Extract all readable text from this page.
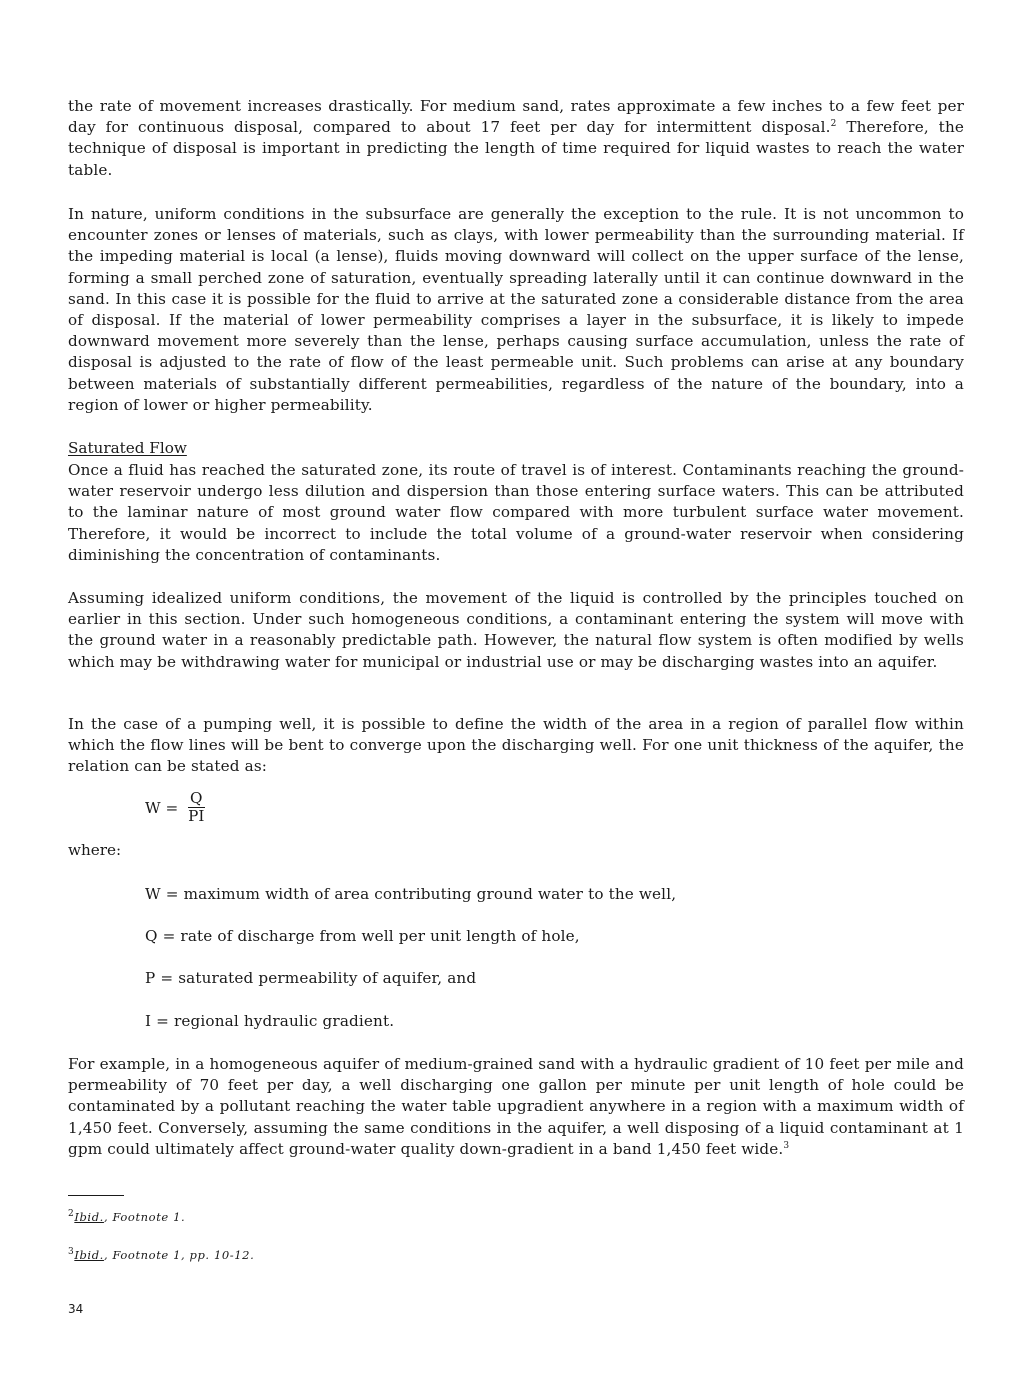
the rate of movement increases drastically. For medium sand, rates approximate a few inches to a few feet per day for continuous disposal, compared to about 17 feet per day for intermittent disposal.$^2$ Therefore, the technique of disposal is important in predicting the length of time required for liquid wastes to reach the water table.

In nature, uniform conditions in the subsurface are generally the exception to the rule. It is not uncommon to encounter zones or lenses of materials, such as clays, with lower permeability than the surrounding material. If the impeding material is local (a lense), fluids moving downward will collect on the upper surface of the lense, forming a small perched zone of saturation, eventually spreading laterally until it can continue downward in the sand. In this case it is possible for the fluid to arrive at the saturated zone a considerable distance from the area of disposal. If the material of lower permeability comprises a layer in the subsurface, it is likely to impede downward movement more severely than the lense, perhaps causing surface accumulation, unless the rate of disposal is adjusted to the rate of flow of the least permeable unit. Such problems can arise at any boundary between materials of substantially different permeabilities, regardless of the nature of the boundary, into a region of lower or higher permeability.

Saturated Flow

Once a fluid has reached the saturated zone, its route of travel is of interest. Contaminants reaching the ground-water reservoir undergo less dilution and dispersion than those entering surface waters. This can be attributed to the laminar nature of most ground water flow compared with more turbulent surface water movement. Therefore, it would be incorrect to include the total volume of a ground-water reservoir when considering diminishing the concentration of contaminants.

Assuming idealized uniform conditions, the movement of the liquid is controlled by the principles touched on earlier in this section. Under such homogeneous conditions, a contaminant entering the system will move with the ground water in a reasonably predictable path. However, the natural flow system is often modified by wells which may be withdrawing water for municipal or industrial use or may be discharging wastes into an aquifer.

In the case of a pumping well, it is possible to define the width of the area in a region of parallel flow within which the flow lines will be bent to converge upon the discharging well. For one unit thickness of the aquifer, the relation can be stated as:

$W = \frac{Q}{PI}$
where:
W = maximum width of area contributing ground water to the well,
Q = rate of discharge from well per unit length of hole,
P = saturated permeability of aquifer, and
I = regional hydraulic gradient.

For example, in a homogeneous aquifer of medium-grained sand with a hydraulic gradient of 10 feet per mile and permeability of 70 feet per day, a well discharging one gallon per minute per unit length of hole could be contaminated by a pollutant reaching the water table upgradient anywhere in a region with a maximum width of 1,450 feet. Conversely, assuming the same conditions in the aquifer, a well disposing of a liquid contaminant at 1 gpm could ultimately affect ground-water quality down-gradient in a band 1,450 feet wide.$^3$

$^2$Ibid., Footnote 1.
$^3$Ibid., Footnote 1, pp. 10-12.
34
